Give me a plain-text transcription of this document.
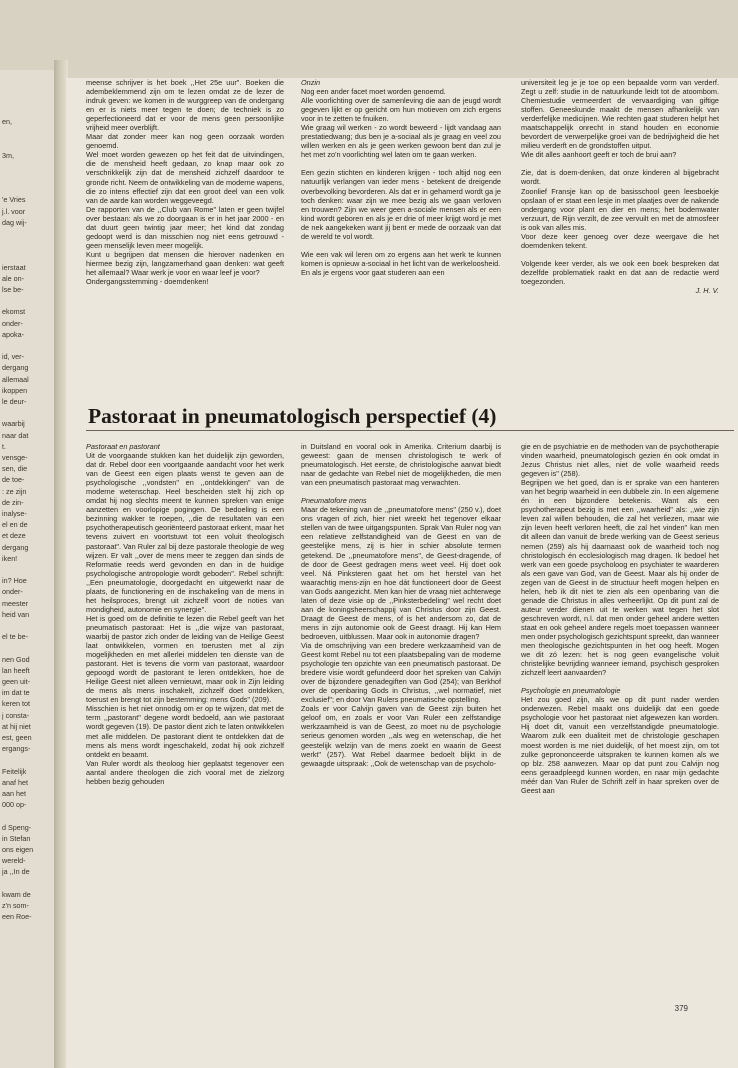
en,
3m,
'e Vries
j.l. voor
dag wij-
ierstaat
ale on-
lse be-
ekomst
onder-
apoka-
id, ver-
dergang
allemaal
ikoppen
le deur-
waarbij
naar dat
t.
vensge-
sen, die
de toe-
: ze zijn
de zin-
inalyse-
el en de
et deze
dergang
iken!
in? Hoe
onder-
meester
heid van
el te be-
nen God
lan heeft
geen uit-
im dat te
keren tot
j consta-
at hij niet
est, geen
ergangs-
Feitelijk
anaf het
aan het
000 op-
d Speng-
in Stefan
ons eigen
wereld-
ja ,,In de
kwam de
z'n som-
een Roe-

meense schrijver is het boek ,,Het 25e uur". Boeken die adembeklemmend zijn om te lezen omdat ze de lezer de indruk geven: we komen in de wurggreep van de ondergang en er is niets meer tegen te doen; de techniek is zo geperfectioneerd dat er voor de mens geen persoonlijke vrijheid meer overblijft.

Maar dat zonder meer kan nog geen oorzaak worden genoemd.

Wel moet worden gewezen op het feit dat de uitvindingen, die de mensheid heeft gedaan, zo knap maar ook zo verschrikkelijk zijn dat de mensheid zichzelf daardoor te gronde richt. Neem de ontwikkeling van de moderne wapens, die zo intens effectief zijn dat een groot deel van een volk van de aarde kan worden weggeveegd.

De rapporten van de ,,Club van Rome" laten er geen twijfel over bestaan: als we zo doorgaan is er in het jaar 2000 - en dat duurt geen twintig jaar meer; het kind dat zondag gedoopt werd is dan misschien nog niet eens getrouwd - geen menselijk leven meer mogelijk.

Kunt u begrijpen dat mensen die hierover nadenken en hiermee bezig zijn, langzamerhand gaan denken: wat geeft het allemaal? Waar werk je voor en waar leef je voor?

Ondergangsstemming - doemdenken!

Onzin

Nog een ander facet moet worden genoemd.

Alle voorlichting over de samenleving die aan de jeugd wordt gegeven lijkt er op gericht om hun motieven om zich ergens voor in te zetten te fnuiken.

Wie graag wil werken - zo wordt beweerd - lijdt vandaag aan prestatiedwang; dus ben je a-sociaal als je graag en veel zou willen werken en als je geen werken gewoon bent dan zul je het met zo'n voorlichting wel laten om te gaan werken.

Een gezin stichten en kinderen krijgen - toch altijd nog een natuurlijk verlangen van ieder mens - betekent de dreigende overbevolking bevorderen. Als dat er in gehamerd wordt ga je toch denken: waar zijn we mee bezig als we gaan verloven en trouwen? Zijn we weer geen a-sociale mensen als er een kind wordt geboren en als je er drie of meer krijgt word je met de nek aangekeken want jij bent er mede de oorzaak van dat de wereld te vol wordt.

Wie een vak wil leren om zo ergens aan het werk te kunnen komen is opnieuw a-sociaal in het licht van de werkeloosheid.

En als je ergens voor gaat studeren aan een

universiteit leg je je toe op een bepaalde vorm van verderf. Zegt u zelf: studie in de natuurkunde leidt tot de atoombom. Chemiestudie vermeerdert de vervaardiging van giftige stoffen. Geneeskunde maakt de mensen afhankelijk van verderfelijke medicijnen. Wie rechten gaat studeren helpt het maatschappelijk onrecht in stand houden en economie bevordert de verwerpelijke groei van de bedrijvigheid die het milieu verderft en de grondstoffen uitput.

Wie dit alles aanhoort geeft er toch de brui aan?

Zie, dat is doem-denken, dat onze kinderen al bijgebracht wordt.

Zoonlief Fransje kan op de basisschool geen leesboekje opslaan of er staat een lesje in met plaatjes over de nakende ondergang voor plant en dier en mens; het bodemwater verzuurt, de Rijn verzilt, de zee vervuilt en met de atmosfeer is ook van alles mis.

Voor deze keer genoeg over deze weergave die het doemdenken tekent.

Volgende keer verder, als we ook een boek bespreken dat dezelfde problematiek raakt en dat aan de redactie werd toegezonden.

J. H. V.

Pastoraat in pneumatologisch perspectief (4)

Pastoraat en pastorant

Uit de voorgaande stukken kan het duidelijk zijn geworden, dat dr. Rebel door een voortgaande aandacht voor het werk van de Geest een eigen plaats wenst te geven aan de psychologische ,,vondsten" en ,,ontdekkingen" van de moderne wetenschap. Heel bescheiden stelt hij zich op omdat hij nog slechts meent te kunnen spreken van enige aanzetten en voorlopige pogingen. De bedoeling is een bezinning wakker te roepen, ,,die de resultaten van een psychotherapeutisch georiënteerd pastoraat erkent, maar het tevens zuivert en voortstuwt tot een voluit theologisch pastoraat". Van Ruler zal bij deze pastorale theologie de weg wijzen. Er valt ,,over de mens meer te zeggen dan sinds de Reformatie reeds werd gevonden en dan in de huidige psychologische antropologie wordt geboden". Rebel schrijft: ,,Een pneumatologie, doorgedacht en uitgewerkt naar de plaats, de functionering en de inschakeling van de mens in het heilsproces, brengt uit zichzelf voort de noties van mondigheid, autonomie en synergie".

Het is goed om de definitie te lezen die Rebel geeft van het pneumatisch pastoraat: Het is ,,die wijze van pastoraat, waarbij de pastor zich onder de leiding van de Heilige Geest laat ontwikkelen, vormen en toerusten met al zijn mogelijkheden en met allerlei middelen ten dienste van de pastorant. Het is tevens die vorm van pastoraat, waardoor gepoogd wordt de pastorant te leren ontdekken, hoe de Heilige Geest niet alleen vernieuwt, maar ook in Zijn leiding de mens als mens inschakelt, zichzelf doet ontdekken, toerust en brengt tot zijn bestemming: mens Gods" (209).

Misschien is het niet onnodig om er op te wijzen, dat met de term ,,pastorant" degene wordt bedoeld, aan wie pastoraat wordt gegeven (19). De pastor dient zich te laten ontwikkelen met alle middelen. De pastorant dient te ontdekken dat de mens als mens wordt ingeschakeld, zodat hij ook zichzelf ontdekt en beaamt.

Van Ruler wordt als theoloog hier geplaatst tegenover een aantal andere theologen die zich vooral met de zielzorg hebben bezig gehouden

in Duitsland en vooral ook in Amerika. Criterium daarbij is geweest: gaan de mensen christologisch te werk of pneumatologisch. Het eerste, de christologische aanvat biedt naar de gedachte van Rebel niet de mogelijkheden, die men van een pneumatisch pastoraat mag verwachten.

Pneumatofore mens

Maar de tekening van de ,,pneumatofore mens" (250 v.), doet ons vragen of zich, hier niet wreekt het tegenover elkaar stellen van de twee uitgangspunten. Sprak Van Ruler nog van een relatieve zelfstandigheid van de Geest en van de geestelijke mens, zij is hier in schier absolute termen getekend. De ,,pneumatofore mens", de Geest-dragende, of de door de Geest gedragen mens weet veel. Hij doet ook veel. Ná Pinksteren gaat het om het herstel van het waarachtig mens-zijn en hoe dát functioneert door de Geest van Gods aangezicht. Men kan hier de vraag niet achterwege laten of deze visie op de ,,Pinksterbedeling" wel recht doet aan de koningsheerschappij van Christus door zijn Geest. Draagt de Geest de mens, of is het andersom zo, dat de mens in zijn autonomie ook de Geest draagt. Hij kan Hem bedroeven, uitblussen. Maar ook in autonomie dragen?

Via de omschrijving van een bredere werkzaamheid van de Geest komt Rebel nu tot een plaatsbepaling van de moderne psychologie ten opzichte van een pneumatisch pastoraat. De bredere visie wordt gefundeerd door het spreken van Calvijn over de bijzondere genadegiften van God (254); van Berkhof over de openbaring Gods in Christus, ,,wel normatief, niet exclusief"; en door Van Rulers pneumatische opstelling.

Zoals er voor Calvijn gaven van de Geest zijn buiten het geloof om, en zoals er voor Van Ruler een zelfstandige werkzaamheid is van de Geest, zo moet nu de psychologie serieus genomen worden ,,als weg en wetenschap, die het geestelijk welzijn van de mens zoekt en waarin de Geest werkt" (257). Wat Rebel daarmee bedoelt blijkt in de gewaagde uitspraak: ,,Ook de wetenschap van de psycholo-

gie en de psychiatrie en de methoden van de psychotherapie vinden waarheid, pneumatologisch gezien én ook omdat in Jezus Christus niet alles, niet de volle waarheid reeds gegeven is" (258).

Begrijpen we het goed, dan is er sprake van een hanteren van het begrip waarheid in een dubbele zin. In een algemene én in een bijzondere betekenis. Want als een psychotherapeut bezig is met een ,,waarheid" als: ,,wie zijn leven zal willen behouden, die zal het verliezen, maar wie zijn leven heeft verloren heeft, die zal het vinden" kan men dit alleen dan vanuit de brede werking van de Geest serieus nemen (259) als hij daarnaast ook de waarheid toch nog christologisch én ecclesiologisch mag dragen. Ik bedoel het werk van een goede psycholoog en psychiater te waarderen als een gave van God, van de Geest. Maar als hij onder de zegen van de Geest in de structuur heeft mogen helpen en helen, heb ik dit niet te zien als een openbaring van die genade die Christus in alles verheerlijkt. Op dit punt zal de auteur verder dienen uit te werken wat tegen het slot geschreven wordt, n.l. dat men onder geheel andere wetten staat en ook geheel andere regels moet toepassen wanneer men onder psychologisch gezichtspunt spreekt, dan wanneer men theologische gezichtspunten in het oog heeft. Mogen we dit zó lezen: het is nog geen evangelische voluit christelijke bevrijding wanneer iemand, psychisch gesproken zichzelf leert aanvaarden?

Psychologie en pneumatologie

Het zou goed zijn, als we op dit punt nader werden onderwezen. Rebel maakt ons duidelijk dat een goede psychologie voor het pastoraat niet afgewezen kan worden. Hij doet dit, vanuit een verzelfstandigde pneumatologie. Waarom zulk een dualiteit met de christologie geschapen moest worden is me niet duidelijk, of het moest zijn, om tot zulke geprononceerde uitspraken te kunnen komen als we op blz. 258 aanwezen. Maar op dat punt zou Calvijn nog eens geraadpleegd kunnen worden, en naar mijn gedachte méér dan Van Ruler de Schrift zelf in haar spreken over de Geest aan

379
